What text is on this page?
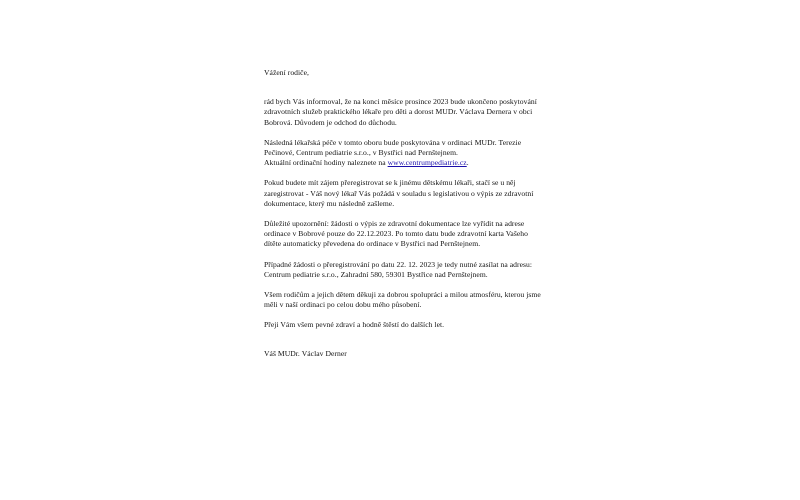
Vážení rodiče,

rád bych Vás informoval, že na konci měsíce prosince 2023 bude ukončeno poskytování zdravotních služeb praktického lékaře pro děti a dorost MUDr. Václava Dernera v obci Bobrová. Důvodem je odchod do důchodu.

Následná lékařská péče v tomto oboru bude poskytována v ordinaci MUDr. Terezie Pečinové, Centrum pediatrie s.r.o., v Bystřici nad Pernštejnem.

Aktuální ordinační hodiny naleznete na www.centrumpediatrie.cz.

Pokud budete mít zájem přeregistrovat se k jinému dětskému lékaři, stačí se u něj zaregistrovat - Váš nový lékař Vás požádá v souladu s legislativou o výpis ze zdravotní dokumentace, který mu následně zašleme.

Důležité upozornění: žádosti o výpis ze zdravotní dokumentace lze vyřídit na adrese ordinace v Bobrové pouze do 22.12.2023. Po tomto datu bude zdravotní karta Vašeho dítěte automaticky převedena do ordinace v Bystřici nad Pernštejnem.

Případné žádosti o přeregistrování po datu 22. 12. 2023 je tedy nutné zasílat na adresu: Centrum pediatrie s.r.o., Zahradní 580, 59301 Bystřice nad Pernštejnem.

Všem rodičům a jejich dětem děkuji za dobrou spolupráci a milou atmosféru, kterou jsme měli v naší ordinaci po celou dobu mého působení.

Přeji Vám všem pevné zdraví a hodně štěstí do dalších let.

Váš MUDr. Václav Derner
